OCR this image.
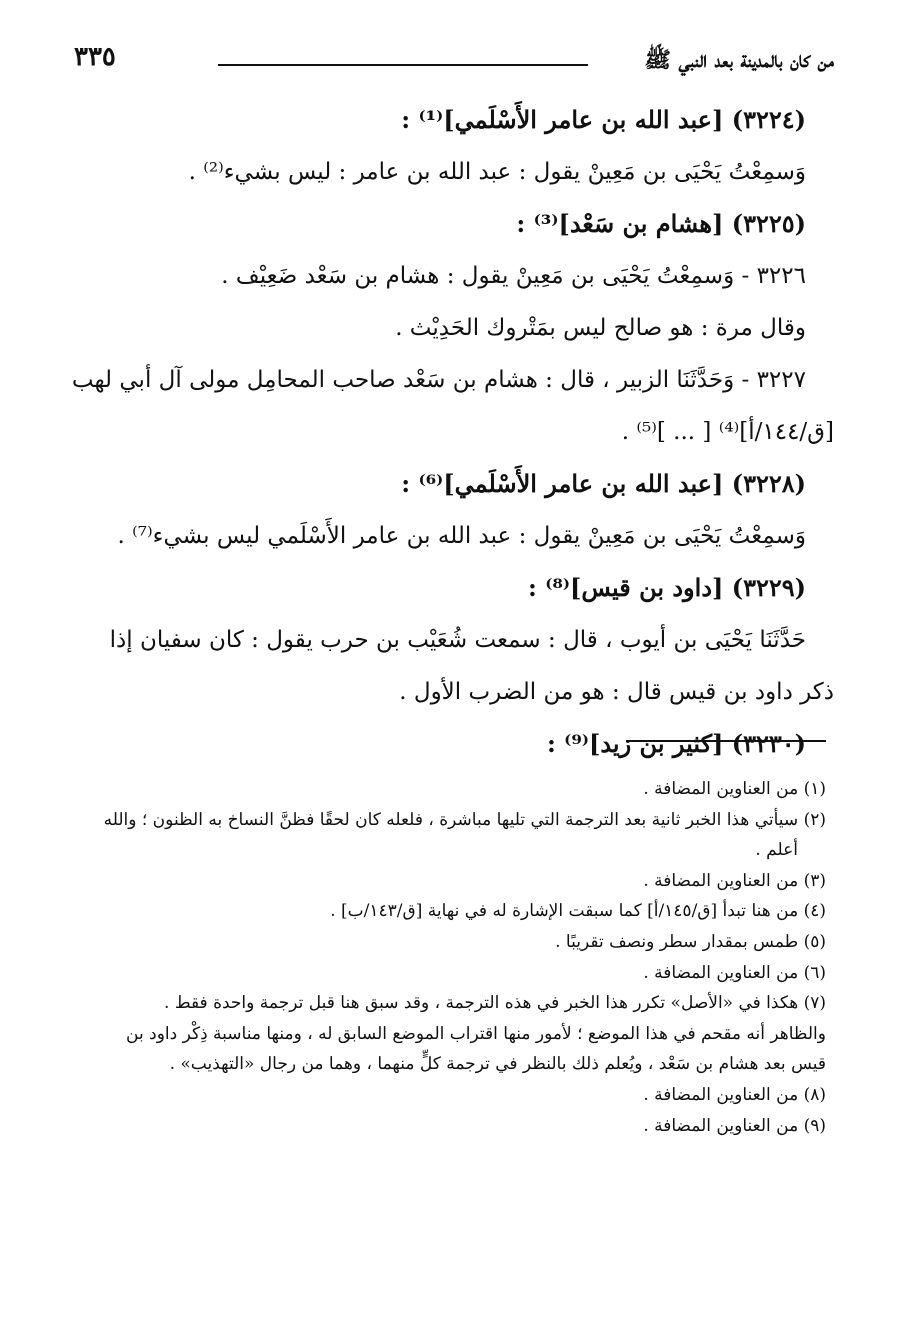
من كان بالمدينة بعد النبي ﷺ
٣٣٥
(٣٢٢٤) [عبد الله بن عامر الأَسْلَمي]⁽¹⁾ :
وَسمِعْتُ يَحْيَى بن مَعِينْ يقول : عبد الله بن عامر : ليس بشيء⁽²⁾ .
(٣٢٢٥) [هشام بن سَعْد]⁽³⁾ :
٣٢٢٦ - وَسمِعْتُ يَحْيَى بن مَعِينْ يقول : هشام بن سَعْد ضَعِيْف .
وقال مرة : هو صالح ليس بمَتْروك الحَدِيْث .
٣٢٢٧ - وَحَدَّثَنَا الزبير ، قال : هشام بن سَعْد صاحب المحامِل مولى آل أبي لهب
[ق/١٤٤/أ]⁽⁴⁾ [ ... ]⁽⁵⁾ .
(٣٢٢٨) [عبد الله بن عامر الأَسْلَمي]⁽⁶⁾ :
وَسمِعْتُ يَحْيَى بن مَعِينْ يقول : عبد الله بن عامر الأَسْلَمي ليس بشيء⁽⁷⁾ .
(٣٢٢٩) [داود بن قيس]⁽⁸⁾ :
حَدَّثَنَا يَحْيَى بن أيوب ، قال : سمعت شُعَيْب بن حرب يقول : كان سفيان إذا
ذكر داود بن قيس قال : هو من الضرب الأول .
(٣٢٣٠) [كثير بن زيد]⁽⁹⁾ :
(١) من العناوين المضافة .
(٢) سيأتي هذا الخبر ثانية بعد الترجمة التي تليها مباشرة ، فلعله كان لحقًا فظنَّ النساخ به الظنون ؛ والله
أعلم .
(٣) من العناوين المضافة .
(٤) من هنا تبدأ [ق/١٤٥/أ] كما سبقت الإشارة له في نهاية [ق/١٤٣/ب] .
(٥) طمس بمقدار سطر ونصف تقريبًا .
(٦) من العناوين المضافة .
(٧) هكذا في «الأصل» تكرر هذا الخبر في هذه الترجمة ، وقد سبق هنا قبل ترجمة واحدة فقط .
والظاهر أنه مقحم في هذا الموضع ؛ لأمور منها اقتراب الموضع السابق له ، ومنها مناسبة ذِكْر داود بن
قيس بعد هشام بن سَعْد ، ويُعلم ذلك بالنظر في ترجمة كلٍّ منهما ، وهما من رجال «التهذيب» .
(٨) من العناوين المضافة .
(٩) من العناوين المضافة .
